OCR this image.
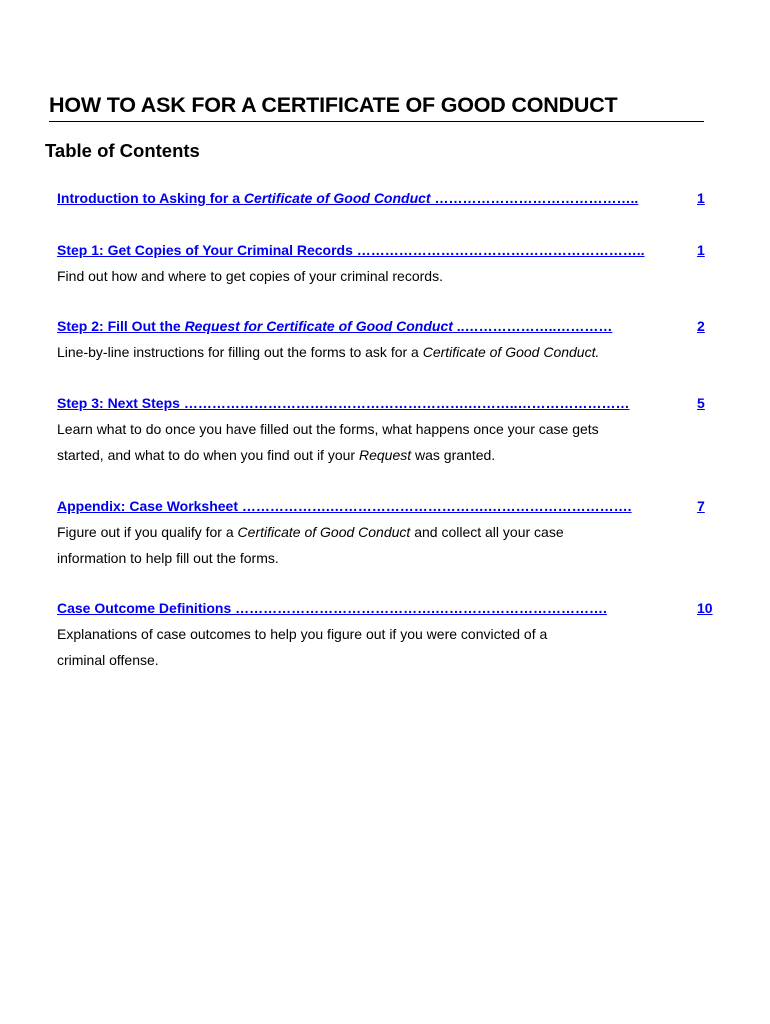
HOW TO ASK FOR A CERTIFICATE OF GOOD CONDUCT
Table of Contents
Introduction to Asking for a Certificate of Good Conduct ……………………………………..	1
Step 1: Get Copies of Your Criminal Records ……………………………………………………..	1
Find out how and where to get copies of your criminal records.
Step 2: Fill Out the Request for Certificate of Good Conduct ..………………..…………	2
Line-by-line instructions for filling out the forms to ask for a Certificate of Good Conduct.
Step 3: Next Steps …………………………………………………….………..……………………	5
Learn what to do once you have filled out the forms, what happens once your case gets
started, and what to do when you find out if your Request was granted.
Appendix: Case Worksheet ……………….…………………………….………………………….	7
Figure out if you qualify for a Certificate of Good Conduct and collect all your case
information to help fill out the forms.
Case Outcome Definitions …………………………………….……………………………….	10
Explanations of case outcomes to help you figure out if you were convicted of a
criminal offense.
